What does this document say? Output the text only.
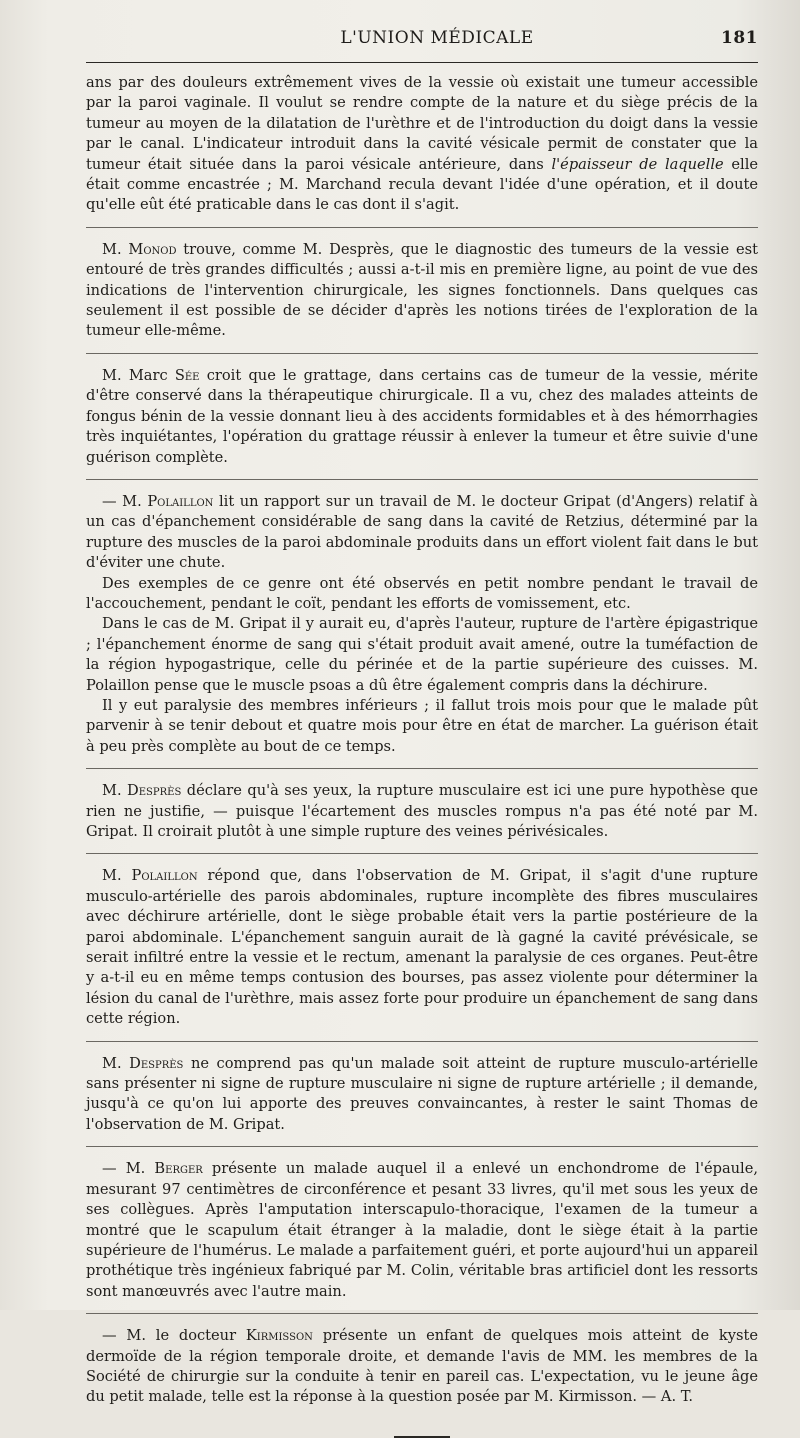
L'UNION MÉDICALE	181

ans par des douleurs extrêmement vives de la vessie où existait une tumeur accessible par la paroi vaginale. Il voulut se rendre compte de la nature et du siège précis de la tumeur au moyen de la dilatation de l'urèthre et de l'introduction du doigt dans la vessie par le canal. L'indicateur introduit dans la cavité vésicale permit de constater que la tumeur était située dans la paroi vésicale antérieure, dans l'épaisseur de laquelle elle était comme encastrée ; M. Marchand recula devant l'idée d'une opération, et il doute qu'elle eût été praticable dans le cas dont il s'agit.

M. Monod trouve, comme M. Desprès, que le diagnostic des tumeurs de la vessie est entouré de très grandes difficultés ; aussi a-t-il mis en première ligne, au point de vue des indications de l'intervention chirurgicale, les signes fonctionnels. Dans quelques cas seulement il est possible de se décider d'après les notions tirées de l'exploration de la tumeur elle-même.

M. Marc Sée croit que le grattage, dans certains cas de tumeur de la vessie, mérite d'être conservé dans la thérapeutique chirurgicale. Il a vu, chez des malades atteints de fongus bénin de la vessie donnant lieu à des accidents formidables et à des hémorrhagies très inquiétantes, l'opération du grattage réussir à enlever la tumeur et être suivie d'une guérison complète.

— M. Polaillon lit un rapport sur un travail de M. le docteur Gripat (d'Angers) relatif à un cas d'épanchement considérable de sang dans la cavité de Retzius, déterminé par la rupture des muscles de la paroi abdominale produits dans un effort violent fait dans le but d'éviter une chute.

Des exemples de ce genre ont été observés en petit nombre pendant le travail de l'accouchement, pendant le coït, pendant les efforts de vomissement, etc.

Dans le cas de M. Gripat il y aurait eu, d'après l'auteur, rupture de l'artère épigastrique ; l'épanchement énorme de sang qui s'était produit avait amené, outre la tuméfaction de la région hypogastrique, celle du périnée et de la partie supérieure des cuisses. M. Polaillon pense que le muscle psoas a dû être également compris dans la déchirure.

Il y eut paralysie des membres inférieurs ; il fallut trois mois pour que le malade pût parvenir à se tenir debout et quatre mois pour être en état de marcher. La guérison était à peu près complète au bout de ce temps.

M. Desprès déclare qu'à ses yeux, la rupture musculaire est ici une pure hypothèse que rien ne justifie, — puisque l'écartement des muscles rompus n'a pas été noté par M. Gripat. Il croirait plutôt à une simple rupture des veines périvésicales.

M. Polaillon répond que, dans l'observation de M. Gripat, il s'agit d'une rupture musculo-artérielle des parois abdominales, rupture incomplète des fibres musculaires avec déchirure artérielle, dont le siège probable était vers la partie postérieure de la paroi abdominale. L'épanchement sanguin aurait de là gagné la cavité prévésicale, se serait infiltré entre la vessie et le rectum, amenant la paralysie de ces organes. Peut-être y a-t-il eu en même temps contusion des bourses, pas assez violente pour déterminer la lésion du canal de l'urèthre, mais assez forte pour produire un épanchement de sang dans cette région.

M. Desprès ne comprend pas qu'un malade soit atteint de rupture musculo-artérielle sans présenter ni signe de rupture musculaire ni signe de rupture artérielle ; il demande, jusqu'à ce qu'on lui apporte des preuves convaincantes, à rester le saint Thomas de l'observation de M. Gripat.

— M. Berger présente un malade auquel il a enlevé un enchondrome de l'épaule, mesurant 97 centimètres de circonférence et pesant 33 livres, qu'il met sous les yeux de ses collègues. Après l'amputation interscapulo-thoracique, l'examen de la tumeur a montré que le scapulum était étranger à la maladie, dont le siège était à la partie supérieure de l'humérus. Le malade a parfaitement guéri, et porte aujourd'hui un appareil prothétique très ingénieux fabriqué par M. Colin, véritable bras artificiel dont les ressorts sont manœuvrés avec l'autre main.

— M. le docteur Kirmisson présente un enfant de quelques mois atteint de kyste dermoïde de la région temporale droite, et demande l'avis de MM. les membres de la Société de chirurgie sur la conduite à tenir en pareil cas. L'expectation, vu le jeune âge du petit malade, telle est la réponse à la question posée par M. Kirmisson. — A. T.
